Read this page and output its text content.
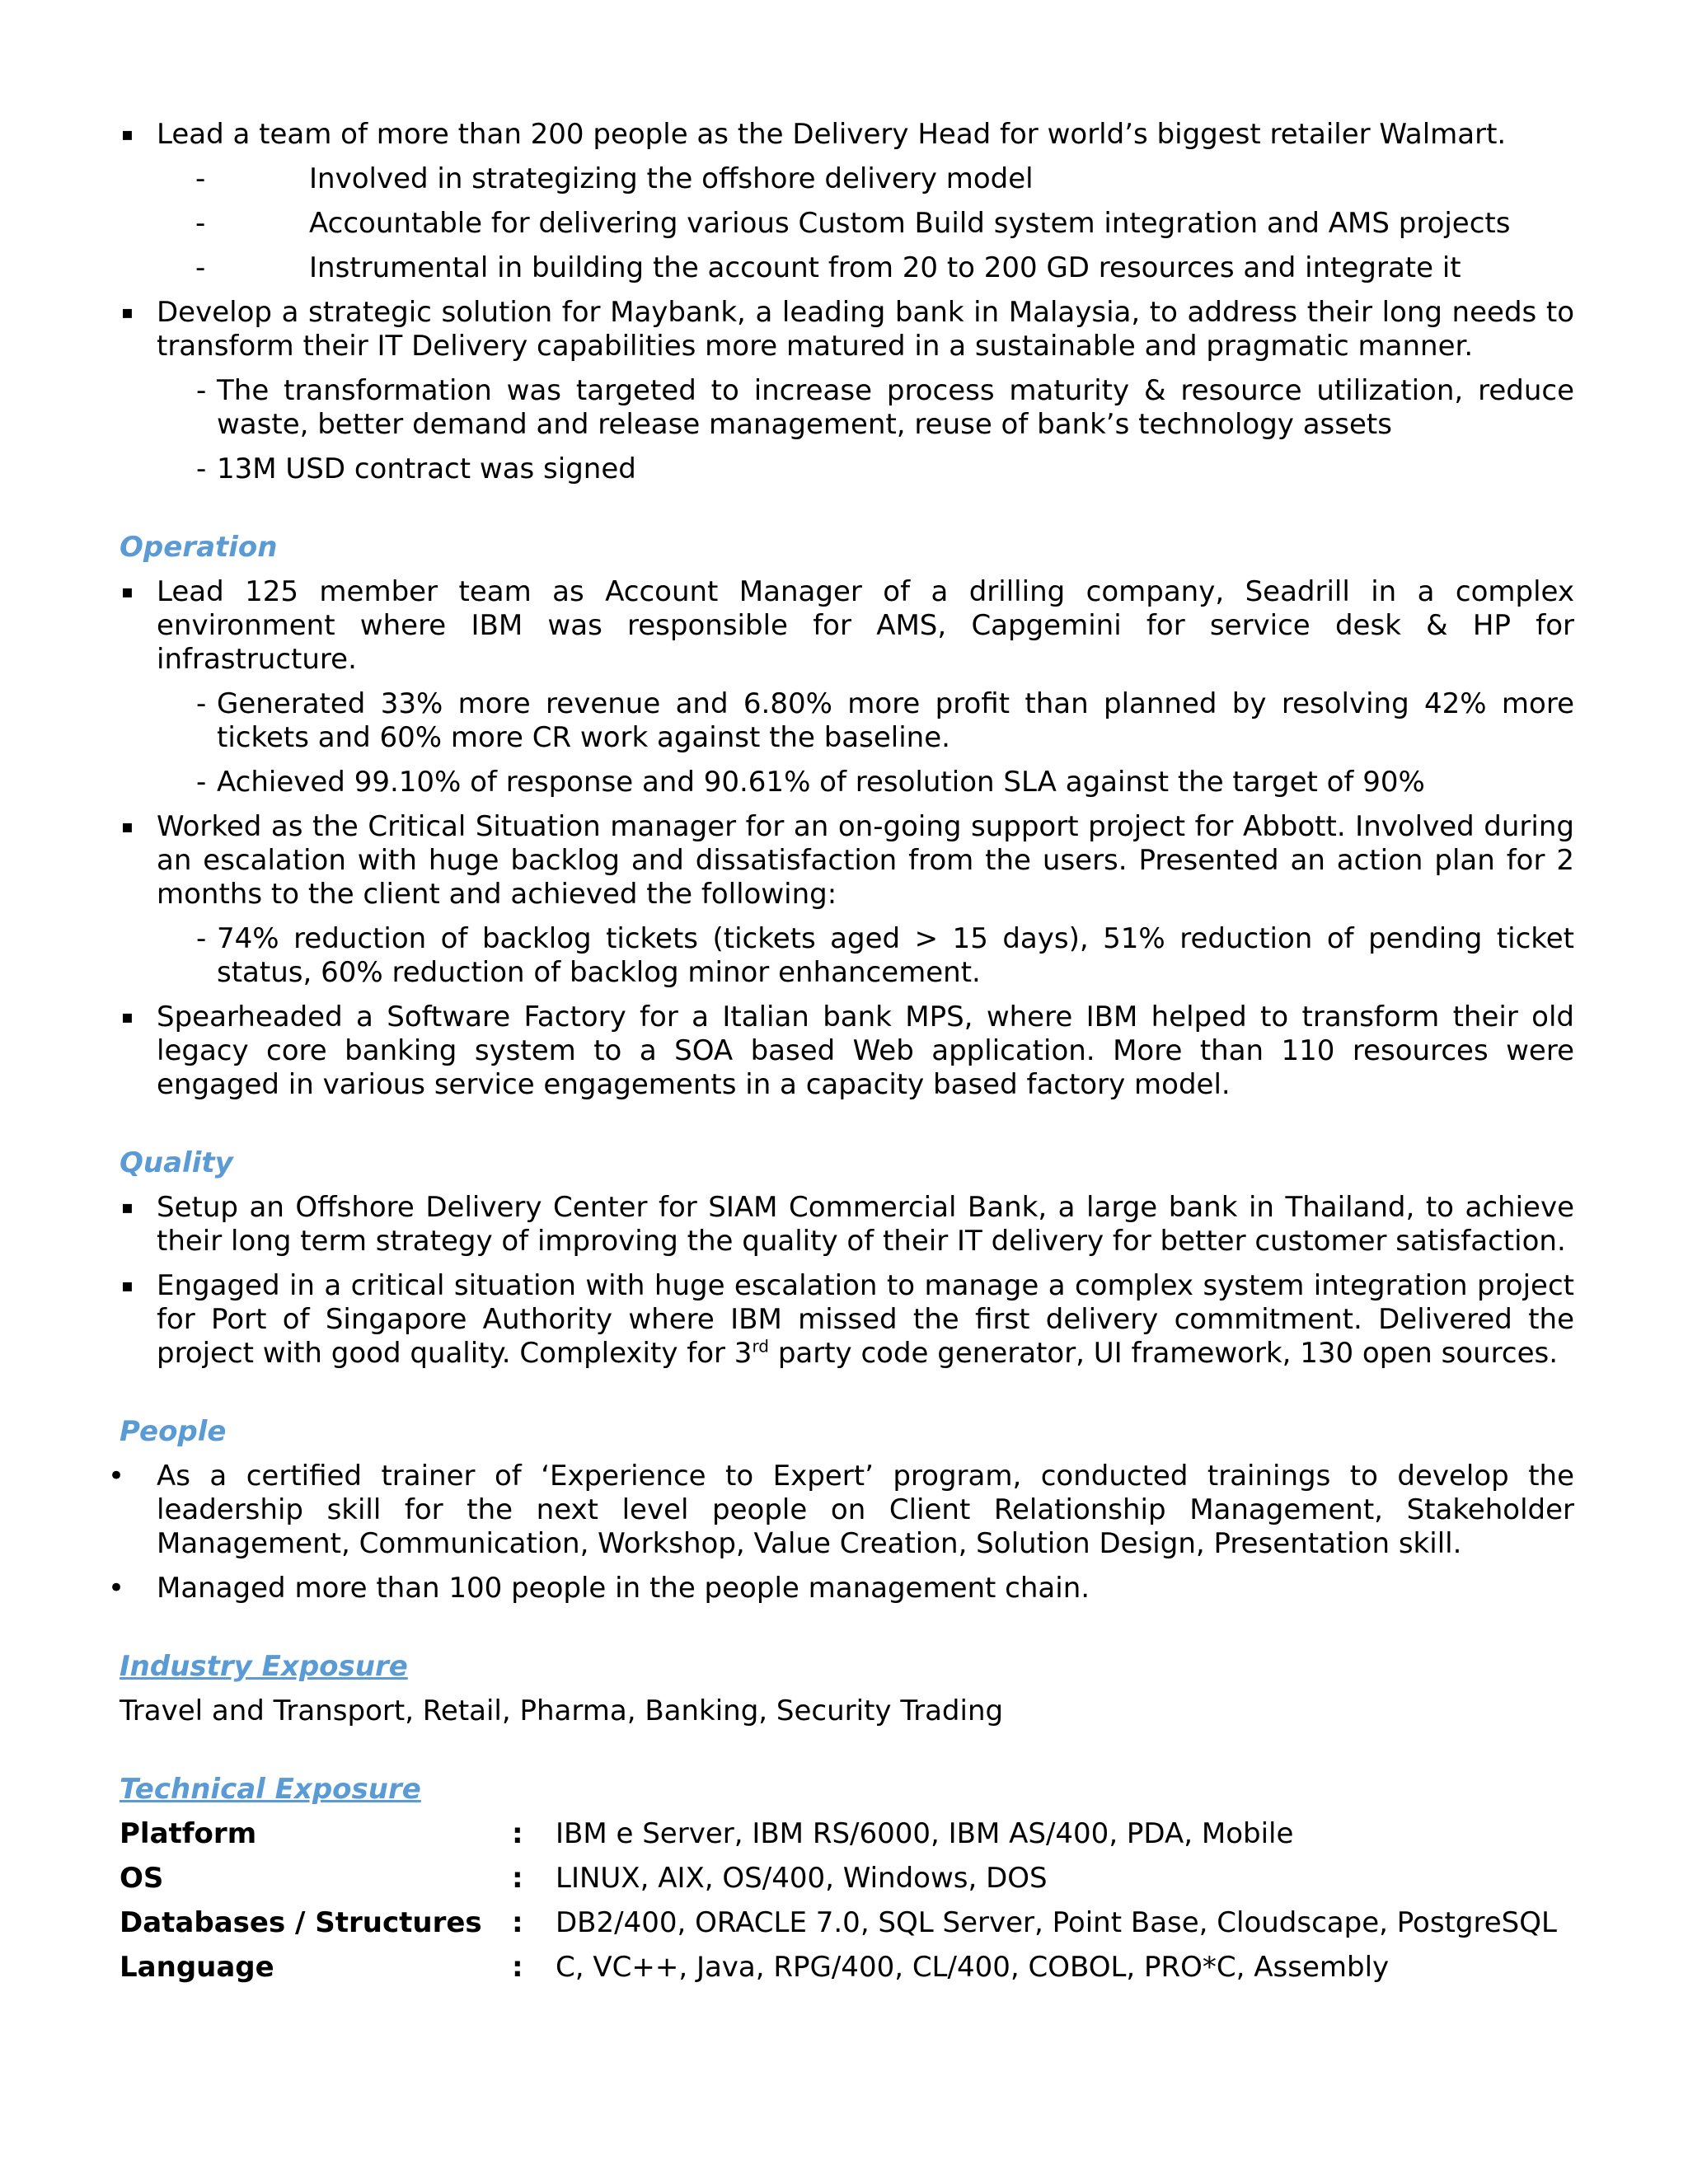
▪ Lead a team of more than 200 people as the Delivery Head for world’s biggest retailer Walmart.
-	Involved in strategizing the offshore delivery model
-	Accountable for delivering various Custom Build system integration and AMS projects
-	Instrumental in building the account from 20 to 200 GD resources and integrate it
▪ Develop a strategic solution for Maybank, a leading bank in Malaysia, to address their long needs to transform their IT Delivery capabilities more matured in a sustainable and pragmatic manner.
- The transformation was targeted to increase process maturity & resource utilization, reduce waste, better demand and release management, reuse of bank’s technology assets
- 13M USD contract was signed
Operation
▪ Lead 125 member team as Account Manager of a drilling company, Seadrill in a complex environment where IBM was responsible for AMS, Capgemini for service desk & HP for infrastructure.
- Generated 33% more revenue and 6.80% more profit than planned by resolving 42% more tickets and 60% more CR work against the baseline.
- Achieved 99.10% of response and 90.61% of resolution SLA against the target of 90%
▪ Worked as the Critical Situation manager for an on-going support project for Abbott. Involved during an escalation with huge backlog and dissatisfaction from the users. Presented an action plan for 2 months to the client and achieved the following:
- 74% reduction of backlog tickets (tickets aged > 15 days), 51% reduction of pending ticket status, 60% reduction of backlog minor enhancement.
▪ Spearheaded a Software Factory for a Italian bank MPS, where IBM helped to transform their old legacy core banking system to a SOA based Web application. More than 110 resources were engaged in various service engagements in a capacity based factory model.
Quality
▪ Setup an Offshore Delivery Center for SIAM Commercial Bank, a large bank in Thailand, to achieve their long term strategy of improving the quality of their IT delivery for better customer satisfaction.
▪ Engaged in a critical situation with huge escalation to manage a complex system integration project for Port of Singapore Authority where IBM missed the first delivery commitment. Delivered the project with good quality. Complexity for 3rd party code generator, UI framework, 130 open sources.
People
• As a certified trainer of ‘Experience to Expert’ program, conducted trainings to develop the leadership skill for the next level people on Client Relationship Management, Stakeholder Management, Communication, Workshop, Value Creation, Solution Design, Presentation skill.
• Managed more than 100 people in the people management chain.
Industry Exposure
Travel and Transport, Retail, Pharma, Banking, Security Trading
Technical Exposure
Platform	:	IBM e Server, IBM RS/6000, IBM AS/400, PDA, Mobile
OS	:	LINUX, AIX, OS/400, Windows, DOS
Databases / Structures	:	DB2/400, ORACLE 7.0, SQL Server, Point Base, Cloudscape, PostgreSQL
Language	:	C, VC++, Java, RPG/400, CL/400, COBOL, PRO*C, Assembly
